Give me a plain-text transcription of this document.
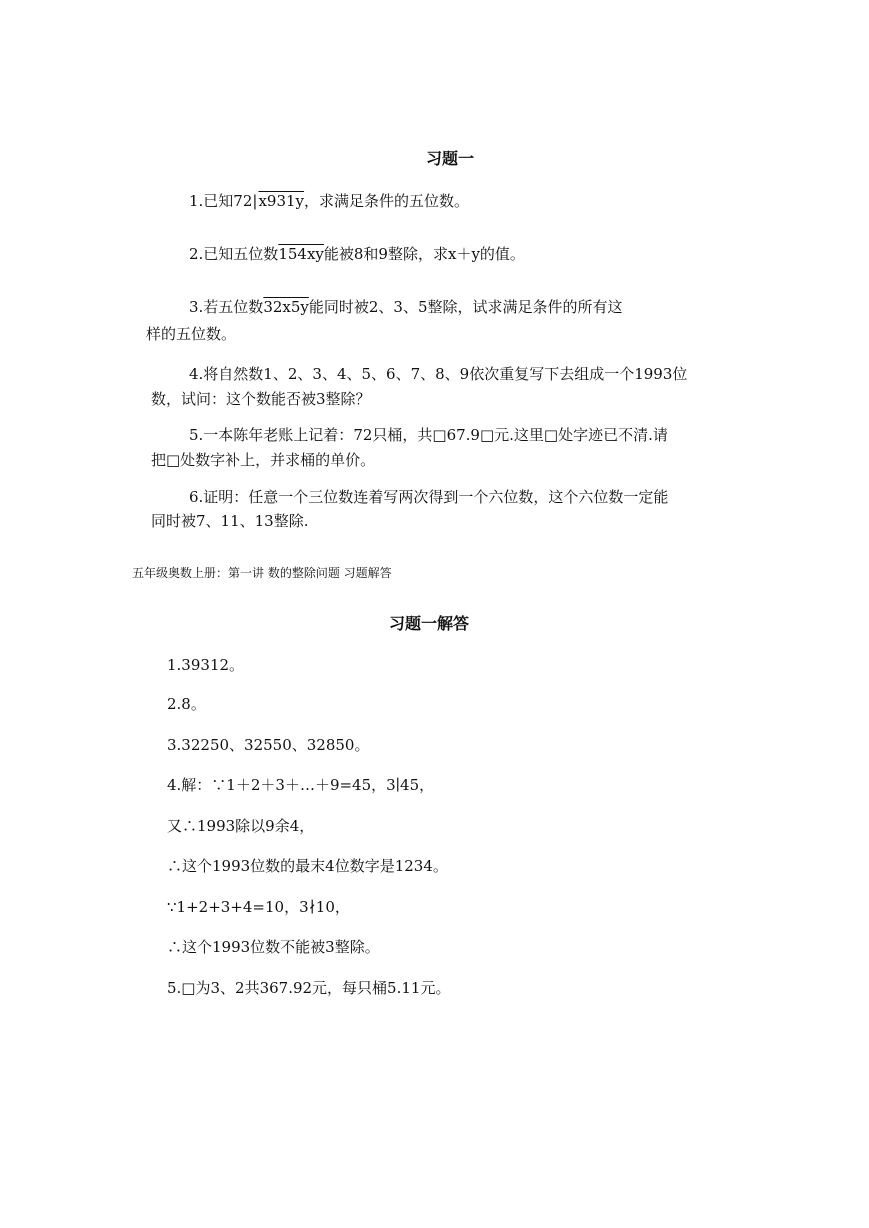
习题一
1.已知72|x931y，求满足条件的五位数。
2.已知五位数154xy能被8和9整除，求x＋y的值。
3.若五位数32x5y能同时被2、3、5整除，试求满足条件的所有这
样的五位数。
4.将自然数1、2、3、4、5、6、7、8、9依次重复写下去组成一个1993位
数，试问：这个数能否被3整除？
5.一本陈年老账上记着：72只桶，共□67.9□元.这里□处字迹已不清.请
把□处数字补上，并求桶的单价。
6.证明：任意一个三位数连着写两次得到一个六位数，这个六位数一定能
同时被7、11、13整除.
五年级奥数上册：第一讲 数的整除问题 习题解答
习题一解答
1.39312。
2.8。
3.32250、32550、32850。
4.解：∵1＋2＋3＋…＋9=45，3∣45，
又∴1993除以9余4，
∴这个1993位数的最末4位数字是1234。
∵1+2+3+4=10，3∤10，
∴这个1993位数不能被3整除。
5.□为3、2共367.92元，每只桶5.11元。
